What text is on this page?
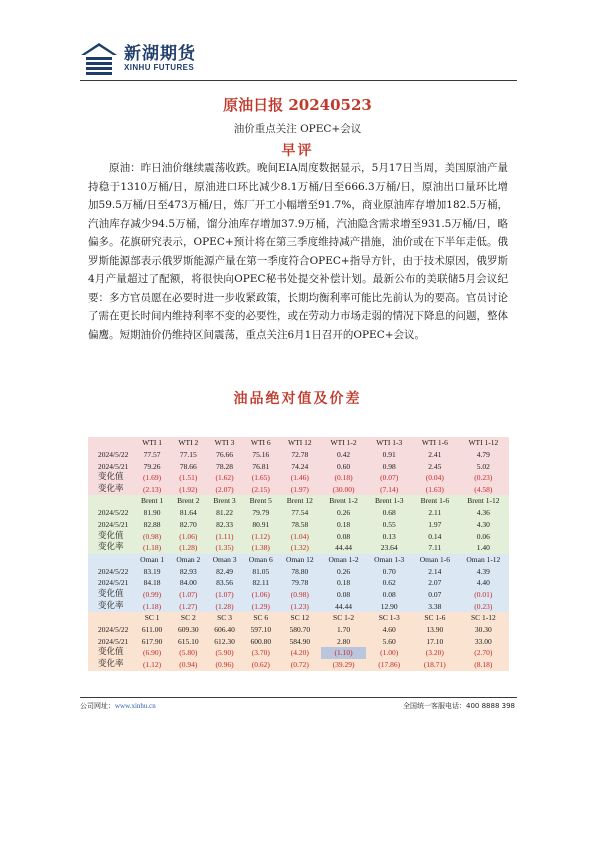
新湖期货
XINHU FUTURES
原油日报 20240523
油价重点关注 OPEC+会议
早评

原油：昨日油价继续震荡收跌。晚间EIA周度数据显示，5月17日当周，美国原油产量持稳于1310万桶/日，原油进口环比减少8.1万桶/日至666.3万桶/日，原油出口量环比增加59.5万桶/日至473万桶/日，炼厂开工小幅增至91.7%，商业原油库存增加182.5万桶，汽油库存减少94.5万桶，馏分油库存增加37.9万桶，汽油隐含需求增至931.5万桶/日，略偏多。花旗研究表示，OPEC+预计将在第三季度维持减产措施，油价或在下半年走低。俄罗斯能源部表示俄罗斯能源产量在第一季度符合OPEC+指导方针，由于技术原因，俄罗斯4月产量超过了配额，将很快向OPEC秘书处提交补偿计划。最新公布的美联储5月会议纪要：多方官员愿在必要时进一步收紧政策，长期均衡利率可能比先前认为的要高。官员讨论了需在更长时间内维持利率不变的必要性，或在劳动力市场走弱的情况下降息的问题，整体偏鹰。短期油价仍维持区间震荡，重点关注6月1日召开的OPEC+会议。

油品绝对值及价差
	WTI 1	WTI 2	WTI 3	WTI 6	WTI 12	WTI 1-2	WTI 1-3	WTI 1-6	WTI 1-12
2024/5/22	77.57	77.15	76.66	75.16	72.78	0.42	0.91	2.41	4.79
2024/5/21	79.26	78.66	78.28	76.81	74.24	0.60	0.98	2.45	5.02
变化值	(1.69)	(1.51)	(1.62)	(1.65)	(1.46)	(0.18)	(0.07)	(0.04)	(0.23)
变化率	(2.13)	(1.92)	(2.07)	(2.15)	(1.97)	(30.00)	(7.14)	(1.63)	(4.58)
	Brent 1	Brent 2	Brent 3	Brent 5	Brent 12	Brent 1-2	Brent 1-3	Brent 1-6	Brent 1-12
2024/5/22	81.90	81.64	81.22	79.79	77.54	0.26	0.68	2.11	4.36
2024/5/21	82.88	82.70	82.33	80.91	78.58	0.18	0.55	1.97	4.30
变化值	(0.98)	(1.06)	(1.11)	(1.12)	(1.04)	0.08	0.13	0.14	0.06
变化率	(1.18)	(1.28)	(1.35)	(1.38)	(1.32)	44.44	23.64	7.11	1.40
	Oman 1	Oman 2	Oman 3	Oman 6	Oman 12	Oman 1-2	Oman 1-3	Oman 1-6	Oman 1-12
2024/5/22	83.19	82.93	82.49	81.05	78.80	0.26	0.70	2.14	4.39
2024/5/21	84.18	84.00	83.56	82.11	79.78	0.18	0.62	2.07	4.40
变化值	(0.99)	(1.07)	(1.07)	(1.06)	(0.98)	0.08	0.08	0.07	(0.01)
变化率	(1.18)	(1.27)	(1.28)	(1.29)	(1.23)	44.44	12.90	3.38	(0.23)
	SC 1	SC 2	SC 3	SC 6	SC 12	SC 1-2	SC 1-3	SC 1-6	SC 1-12
2024/5/22	611.00	609.30	606.40	597.10	580.70	1.70	4.60	13.90	30.30
2024/5/21	617.90	615.10	612.30	600.80	584.90	2.80	5.60	17.10	33.00
变化值	(6.90)	(5.80)	(5.90)	(3.70)	(4.20)	(1.10)	(1.00)	(3.20)	(2.70)
变化率	(1.12)	(0.94)	(0.96)	(0.62)	(0.72)	(39.29)	(17.86)	(18.71)	(8.18)
公司网址：www.xinhu.cn	全国统一客服电话：400 8888 398
